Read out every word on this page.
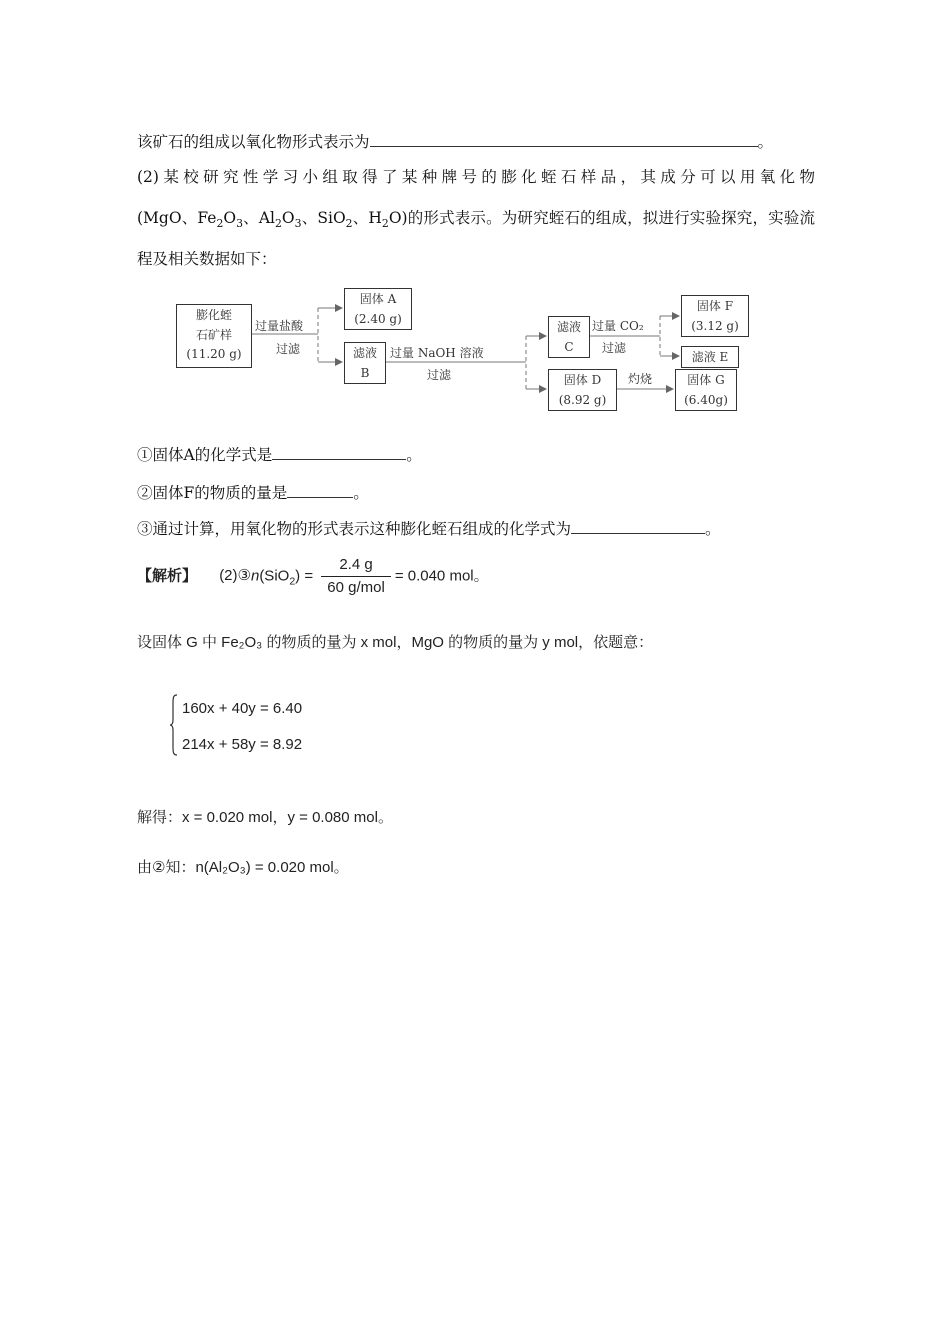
该矿石的组成以氧化物形式表示为	。
(2)某校研究性学习小组取得了某种牌号的膨化蛭石样品，其成分可以用氧化物
(MgO、$Fe_2O_3$、$Al_2O_3$、SiO$_2$、$H_2O$)的形式表示。为研究蛭石的组成，拟进行实验探究，实验流
程及相关数据如下：
膨化蛭
石矿样
(11.20 g)
过量盐酸
过滤
固体 A
(2.40 g)
滤液
B
过量 NaOH 溶液
过滤
滤液
C
过量 CO₂
过滤
固体 F
(3.12 g)
滤液 E
固体 D
(8.92 g)
灼烧	固体 G
(6.40g)
①固体A的化学式是	。
②固体F的物质的量是	。
③通过计算，用氧化物的形式表示这种膨化蛭石组成的化学式为	。
【解析】 (2)③n(SiO$_2$) = $\frac{2.4 g}{\text{60 g/mol}} = 0.040$ mol。
设固体 G 中 Fe₂O₃ 的物质的量为 x mol，MgO 的物质的量为 y mol，依题意：
160x + 40y = 6.40
214x + 58y = 8.92
解得：x = 0.020 mol，y = 0.080 mol。
由②知：n(Al₂O₃) = 0.020 mol。
